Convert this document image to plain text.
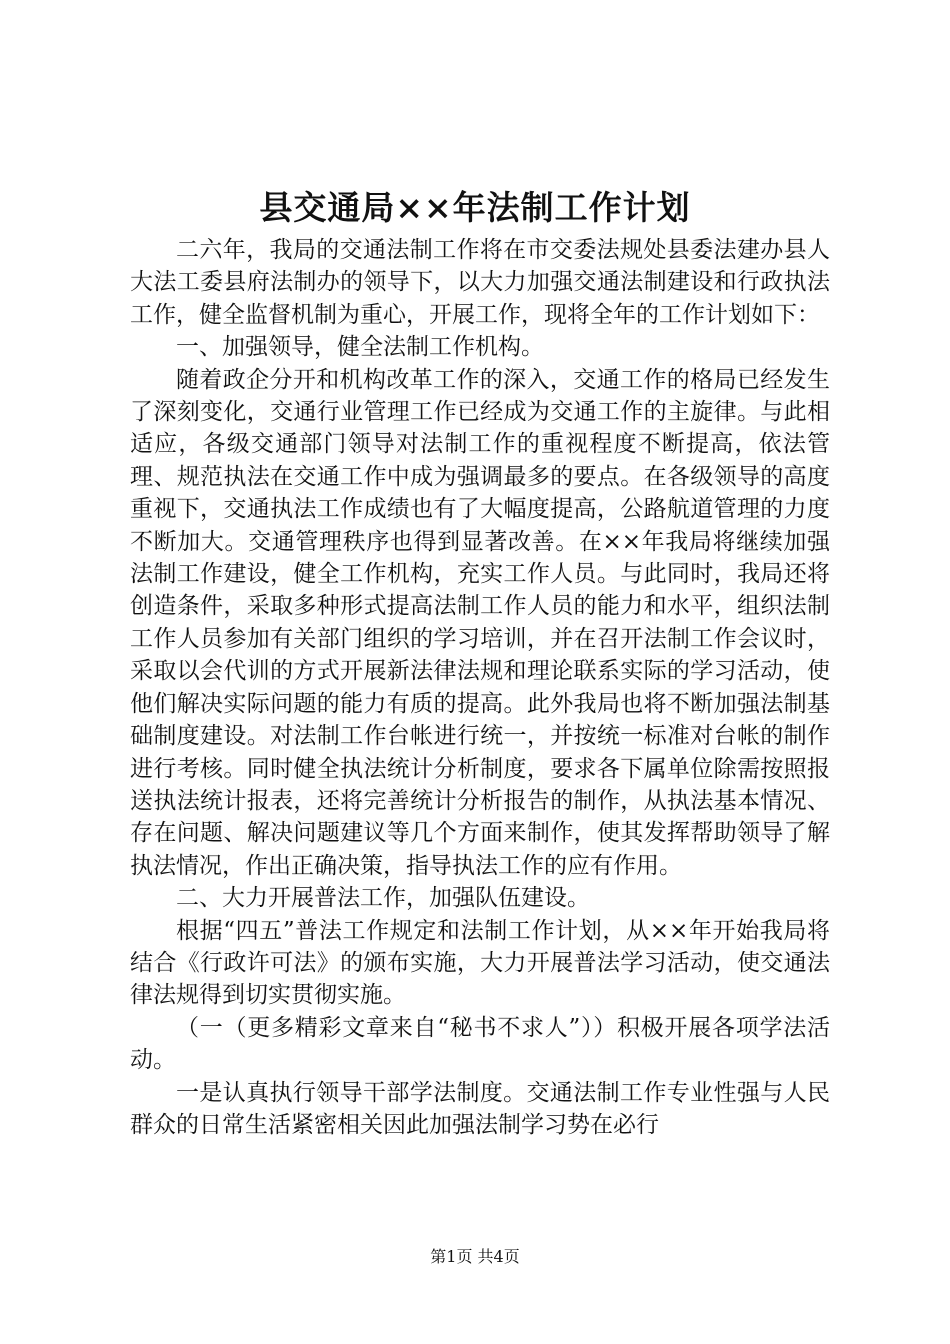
县交通局××年法制工作计划

二六年，我局的交通法制工作将在市交委法规处县委法建办县人大法工委县府法制办的领导下，以大力加强交通法制建设和行政执法工作，健全监督机制为重心，开展工作，现将全年的工作计划如下：

一、加强领导，健全法制工作机构。

随着政企分开和机构改革工作的深入，交通工作的格局已经发生了深刻变化，交通行业管理工作已经成为交通工作的主旋律。与此相适应，各级交通部门领导对法制工作的重视程度不断提高，依法管理、规范执法在交通工作中成为强调最多的要点。在各级领导的高度重视下，交通执法工作成绩也有了大幅度提高，公路航道管理的力度不断加大。交通管理秩序也得到显著改善。在××年我局将继续加强法制工作建设，健全工作机构，充实工作人员。与此同时，我局还将创造条件，采取多种形式提高法制工作人员的能力和水平，组织法制工作人员参加有关部门组织的学习培训，并在召开法制工作会议时，采取以会代训的方式开展新法律法规和理论联系实际的学习活动，使他们解决实际问题的能力有质的提高。此外我局也将不断加强法制基础制度建设。对法制工作台帐进行统一，并按统一标准对台帐的制作进行考核。同时健全执法统计分析制度，要求各下属单位除需按照报送执法统计报表，还将完善统计分析报告的制作，从执法基本情况、存在问题、解决问题建议等几个方面来制作，使其发挥帮助领导了解执法情况，作出正确决策，指导执法工作的应有作用。

二、大力开展普法工作，加强队伍建设。

根据“四五”普法工作规定和法制工作计划，从××年开始我局将结合《行政许可法》的颁布实施，大力开展普法学习活动，使交通法律法规得到切实贯彻实施。

（一（更多精彩文章来自“秘书不求人”））积极开展各项学法活动。

一是认真执行领导干部学法制度。交通法制工作专业性强与人民群众的日常生活紧密相关因此加强法制学习势在必行

第1页 共4页
